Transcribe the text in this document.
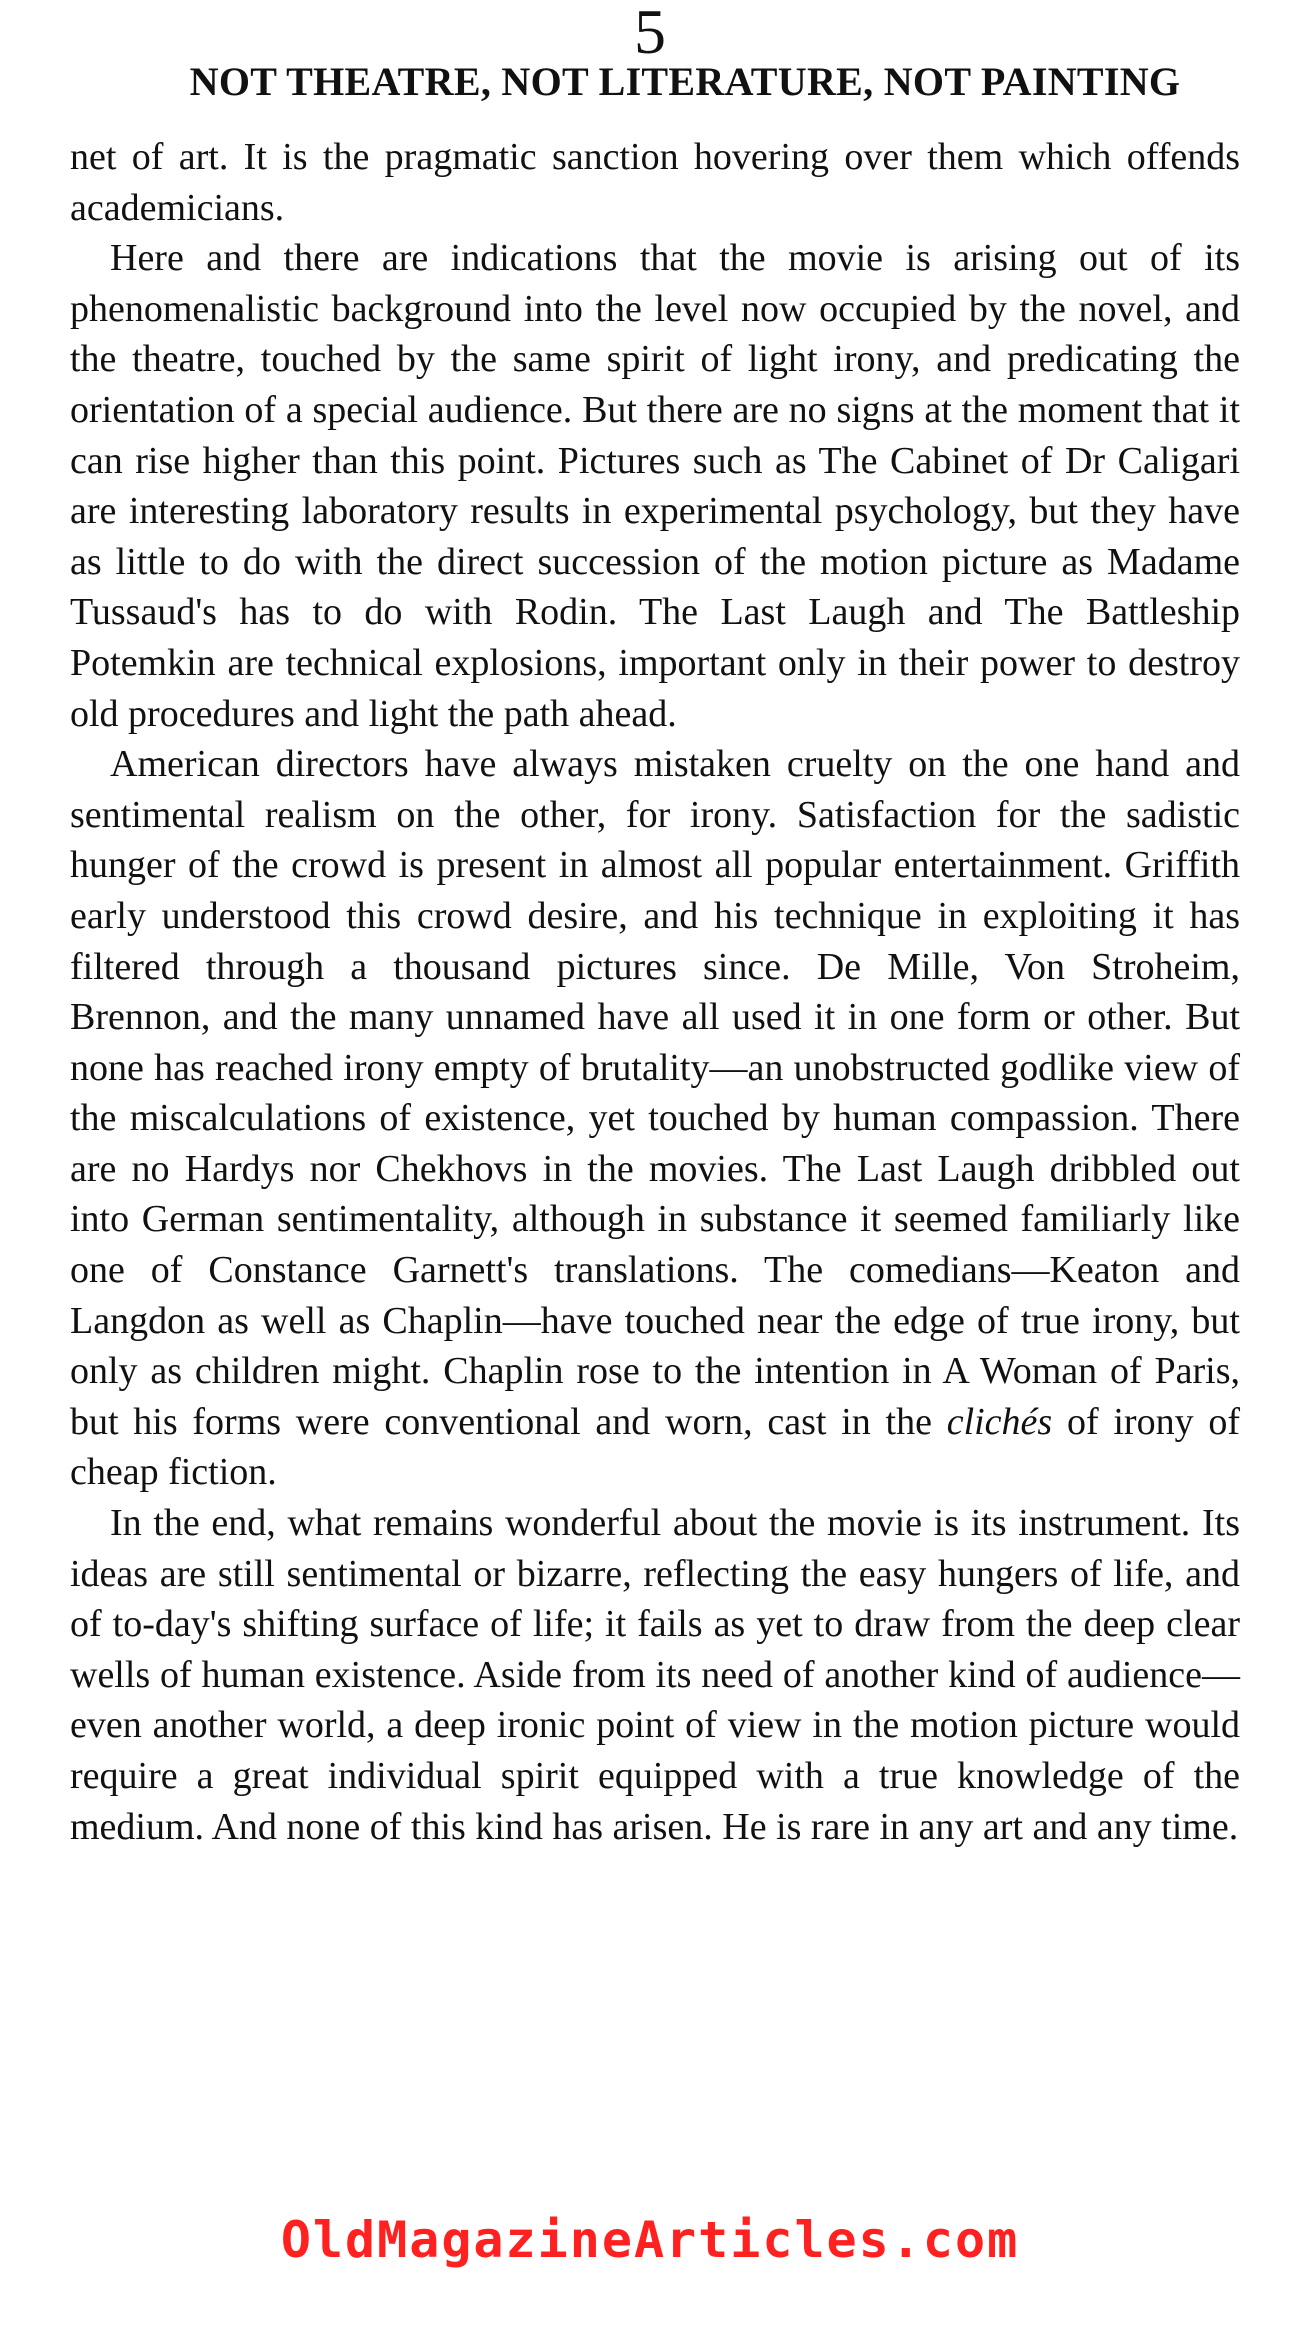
5
NOT THEATRE, NOT LITERATURE, NOT PAINTING

net of art. It is the pragmatic sanction hovering over them which offends academicians.

Here and there are indications that the movie is arising out of its phenomenalistic background into the level now occupied by the novel, and the theatre, touched by the same spirit of light irony, and predicating the orientation of a special audience. But there are no signs at the moment that it can rise higher than this point. Pictures such as The Cabinet of Dr Caligari are interesting laboratory results in experimental psychology, but they have as little to do with the direct succession of the motion picture as Madame Tussaud's has to do with Rodin. The Last Laugh and The Battleship Potemkin are technical explosions, important only in their power to destroy old procedures and light the path ahead.

American directors have always mistaken cruelty on the one hand and sentimental realism on the other, for irony. Satisfaction for the sadistic hunger of the crowd is present in almost all popular entertainment. Griffith early understood this crowd desire, and his technique in exploiting it has filtered through a thousand pictures since. De Mille, Von Stroheim, Brennon, and the many unnamed have all used it in one form or other. But none has reached irony empty of brutality—an unobstructed godlike view of the miscalculations of existence, yet touched by human compassion. There are no Hardys nor Chekhovs in the movies. The Last Laugh dribbled out into German sentimentality, although in substance it seemed familiarly like one of Constance Garnett's translations. The comedians—Keaton and Langdon as well as Chaplin—have touched near the edge of true irony, but only as children might. Chaplin rose to the intention in A Woman of Paris, but his forms were conventional and worn, cast in the clichés of irony of cheap fiction.

In the end, what remains wonderful about the movie is its instrument. Its ideas are still sentimental or bizarre, reflecting the easy hungers of life, and of to-day's shifting surface of life; it fails as yet to draw from the deep clear wells of human existence. Aside from its need of another kind of audience—even another world, a deep ironic point of view in the motion picture would require a great individual spirit equipped with a true knowledge of the medium. And none of this kind has arisen. He is rare in any art and any time.

OldMagazineArticles.com
